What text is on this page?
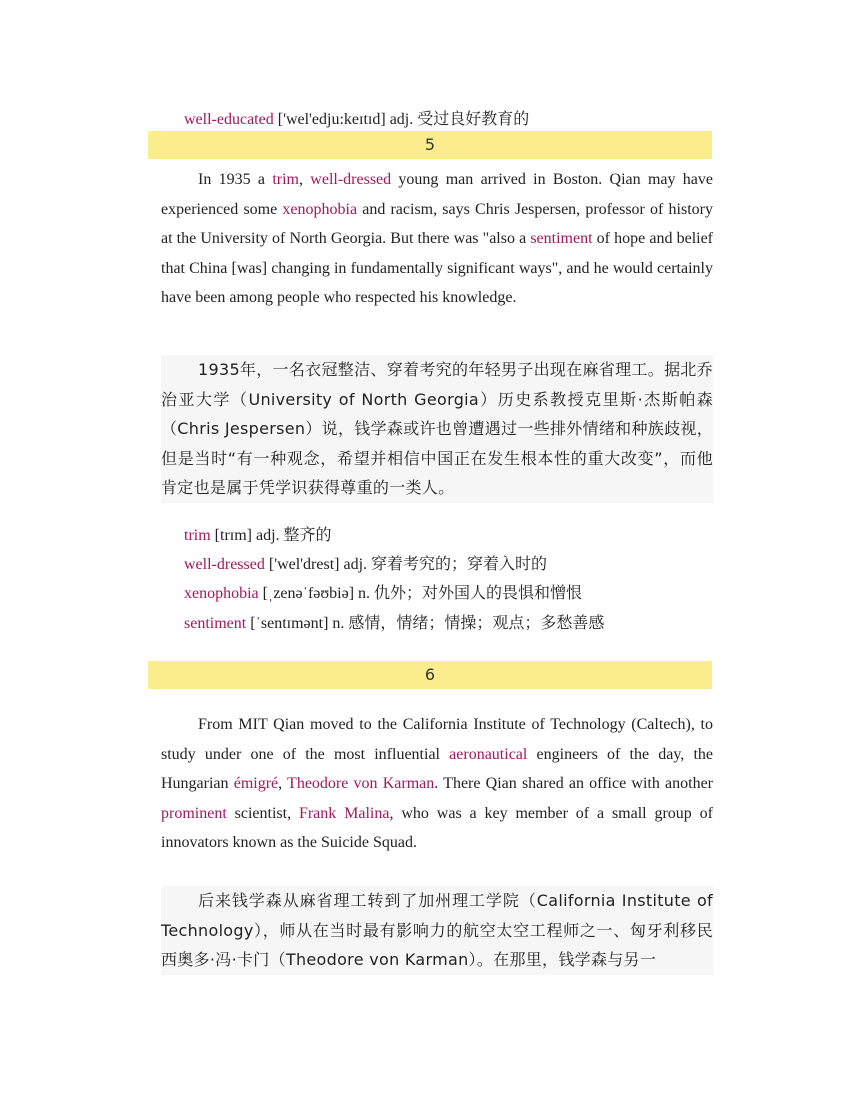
well-educated ['wel'edju:keɪtɪd] adj. 受过良好教育的
5

In 1935 a trim, well-dressed young man arrived in Boston. Qian may have experienced some xenophobia and racism, says Chris Jespersen, professor of history at the University of North Georgia. But there was "also a sentiment of hope and belief that China [was] changing in fundamentally significant ways", and he would certainly have been among people who respected his knowledge.

1935年，一名衣冠整洁、穿着考究的年轻男子出现在麻省理工。据北乔治亚大学（University of North Georgia）历史系教授克里斯·杰斯帕森（Chris Jespersen）说，钱学森或许也曾遭遇过一些排外情绪和种族歧视，但是当时“有一种观念，希望并相信中国正在发生根本性的重大改变”，而他肯定也是属于凭学识获得尊重的一类人。

trim [trɪm] adj. 整齐的
well-dressed ['wel'drest] adj. 穿着考究的；穿着入时的
xenophobia [ˌzenəˈfəʊbiə] n. 仇外；对外国人的畏惧和憎恨
sentiment [ˈsentɪmənt] n. 感情，情绪；情操；观点；多愁善感
6

From MIT Qian moved to the California Institute of Technology (Caltech), to study under one of the most influential aeronautical engineers of the day, the Hungarian émigré, Theodore von Karman. There Qian shared an office with another prominent scientist, Frank Malina, who was a key member of a small group of innovators known as the Suicide Squad.

后来钱学森从麻省理工转到了加州理工学院（California Institute of Technology），师从在当时最有影响力的航空太空工程师之一、匈牙利移民西奥多·冯·卡门（Theodore von Karman）。在那里，钱学森与另一
